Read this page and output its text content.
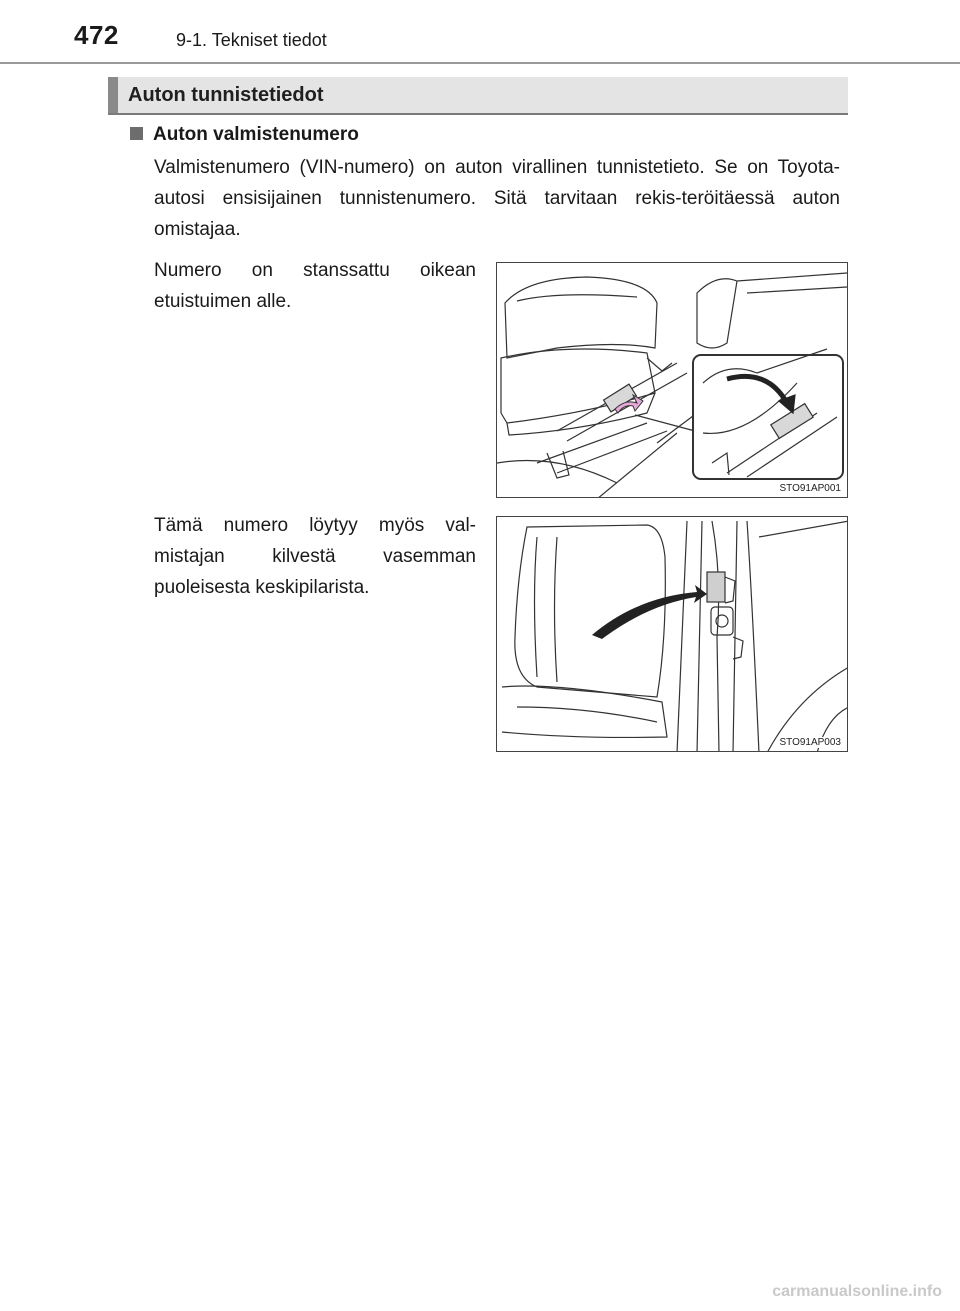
472	9-1. Tekniset tiedot
Auton tunnistetiedot
Auton valmistenumero

Valmistenumero (VIN-numero) on auton virallinen tunnistetieto. Se on Toyota-autosi ensisijainen tunnistenumero. Sitä tarvitaan rekis-teröitäessä auton omistajaa.

Numero on stanssattu oikean etuistuimen alle.

STO91AP001

Tämä numero löytyy myös val-mistajan kilvestä vasemman puoleisesta keskipilarista.

STO91AP003
carmanualsonline.info
